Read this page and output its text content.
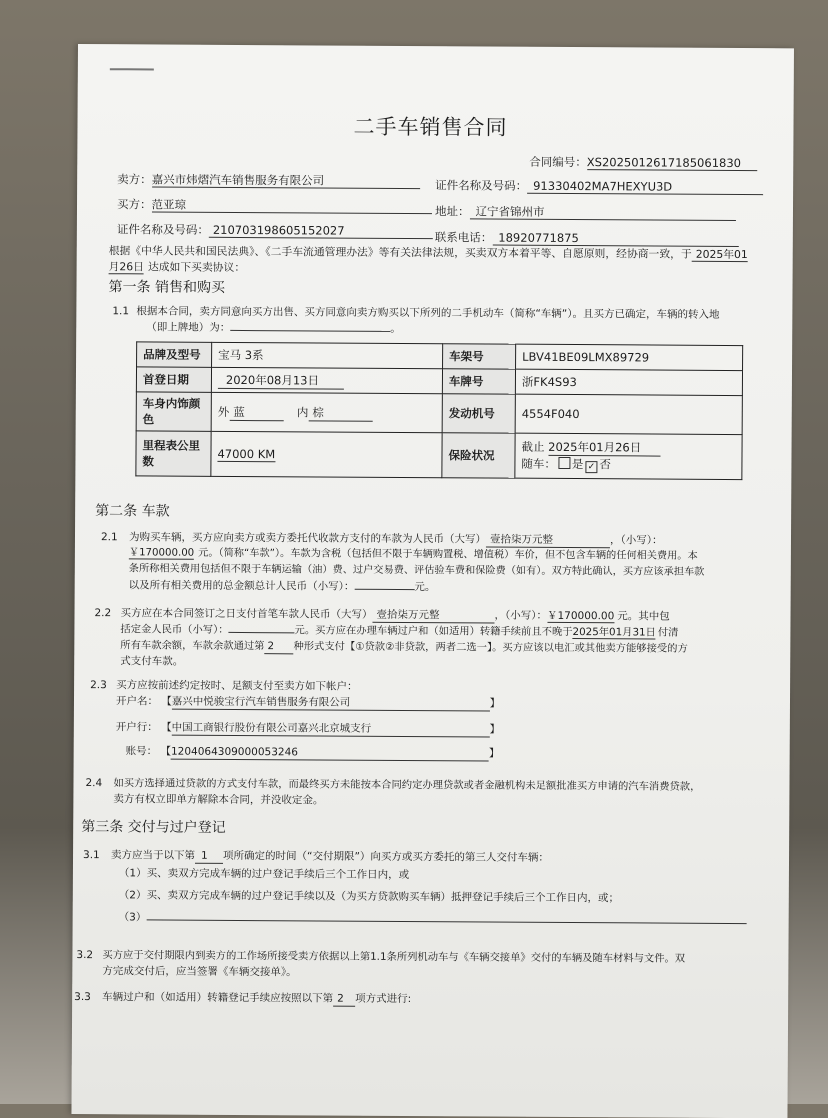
二手车销售合同
合同编号：XS2025012617185061830
卖方：嘉兴市炜熠汽车销售服务有限公司	证件名称及号码： 91330402MA7HEXYU3D
买方：范亚琼	地址： 辽宁省锦州市
证件名称及号码： 210703198605152027	联系电话： 18920771875
根据《中华人民共和国民法典》、《二手车流通管理办法》等有关法律法规，买卖双方本着平等、自愿原则，经协商一致，于 2025年01
月26日 达成如下买卖协议：
第一条 销售和购买
1.1 根据本合同，卖方同意向买方出售、买方同意向卖方购买以下所列的二手机动车（简称“车辆”）。且买方已确定，车辆的转入地
（即上牌地）为：	。
品牌及型号	宝马 3系	车架号	LBV41BE09LMX89729
首登日期	2020年08月13日	车牌号	浙FK4S93
车身内饰颜色	外 蓝 内 棕	发动机号	4554F040
里程表公里数	47000 KM	保险状况	截止 2025年01月26日
随车： 是 ✓ 否
第二条 车款
2.1 为购买车辆，买方应向卖方或卖方委托代收款方支付的车款为人民币（大写） 壹拾柒万元整	，（小写）：
￥170000.00 元。（简称“车款”）。车款为含税（包括但不限于车辆购置税、增值税）车价，但不包含车辆的任何相关费用。本
条所称相关费用包括但不限于车辆运输（油）费、过户交易费、评估验车费和保险费（如有）。双方特此确认，买方应该承担车款
以及所有相关费用的总金额总计人民币（小写）：	元。
2.2 买方应在本合同签订之日支付首笔车款人民币（大写） 壹拾柒万元整	，（小写）：￥170000.00 元。其中包
括定金人民币（小写）：	元。买方应在办理车辆过户和（如适用）转籍手续前且不晚于2025年01月31日 付清
所有车款余额，车款余款通过第 2 种形式支付【①贷款②非贷款，两者二选一】。买方应该以电汇或其他卖方能够接受的方
式支付车款。
2.3 买方应按前述约定按时、足额支付至卖方如下帐户：
开户名： 【嘉兴中悦骏宝行汽车销售服务有限公司	】
开户行： 【中国工商银行股份有限公司嘉兴北京城支行	】
账号： 【1204064309000053246	】
2.4 如买方选择通过贷款的方式支付车款，而最终买方未能按本合同约定办理贷款或者金融机构未足额批准买方申请的汽车消费贷款，
卖方有权立即单方解除本合同，并没收定金。
第三条 交付与过户登记
3.1 卖方应当于以下第 1 项所确定的时间（“交付期限”）向买方或买方委托的第三人交付车辆：
（1）买、卖双方完成车辆的过户登记手续后三个工作日内，或
（2）买、卖双方完成车辆的过户登记手续以及（为买方贷款购买车辆）抵押登记手续后三个工作日内，或；
（3）
3.2 买方应于交付期限内到卖方的工作场所接受卖方依据以上第1.1条所列机动车与《车辆交接单》交付的车辆及随车材料与文件。双
方完成交付后，应当签署《车辆交接单》。
3.3 车辆过户和（如适用）转籍登记手续应按照以下第 2 项方式进行:
